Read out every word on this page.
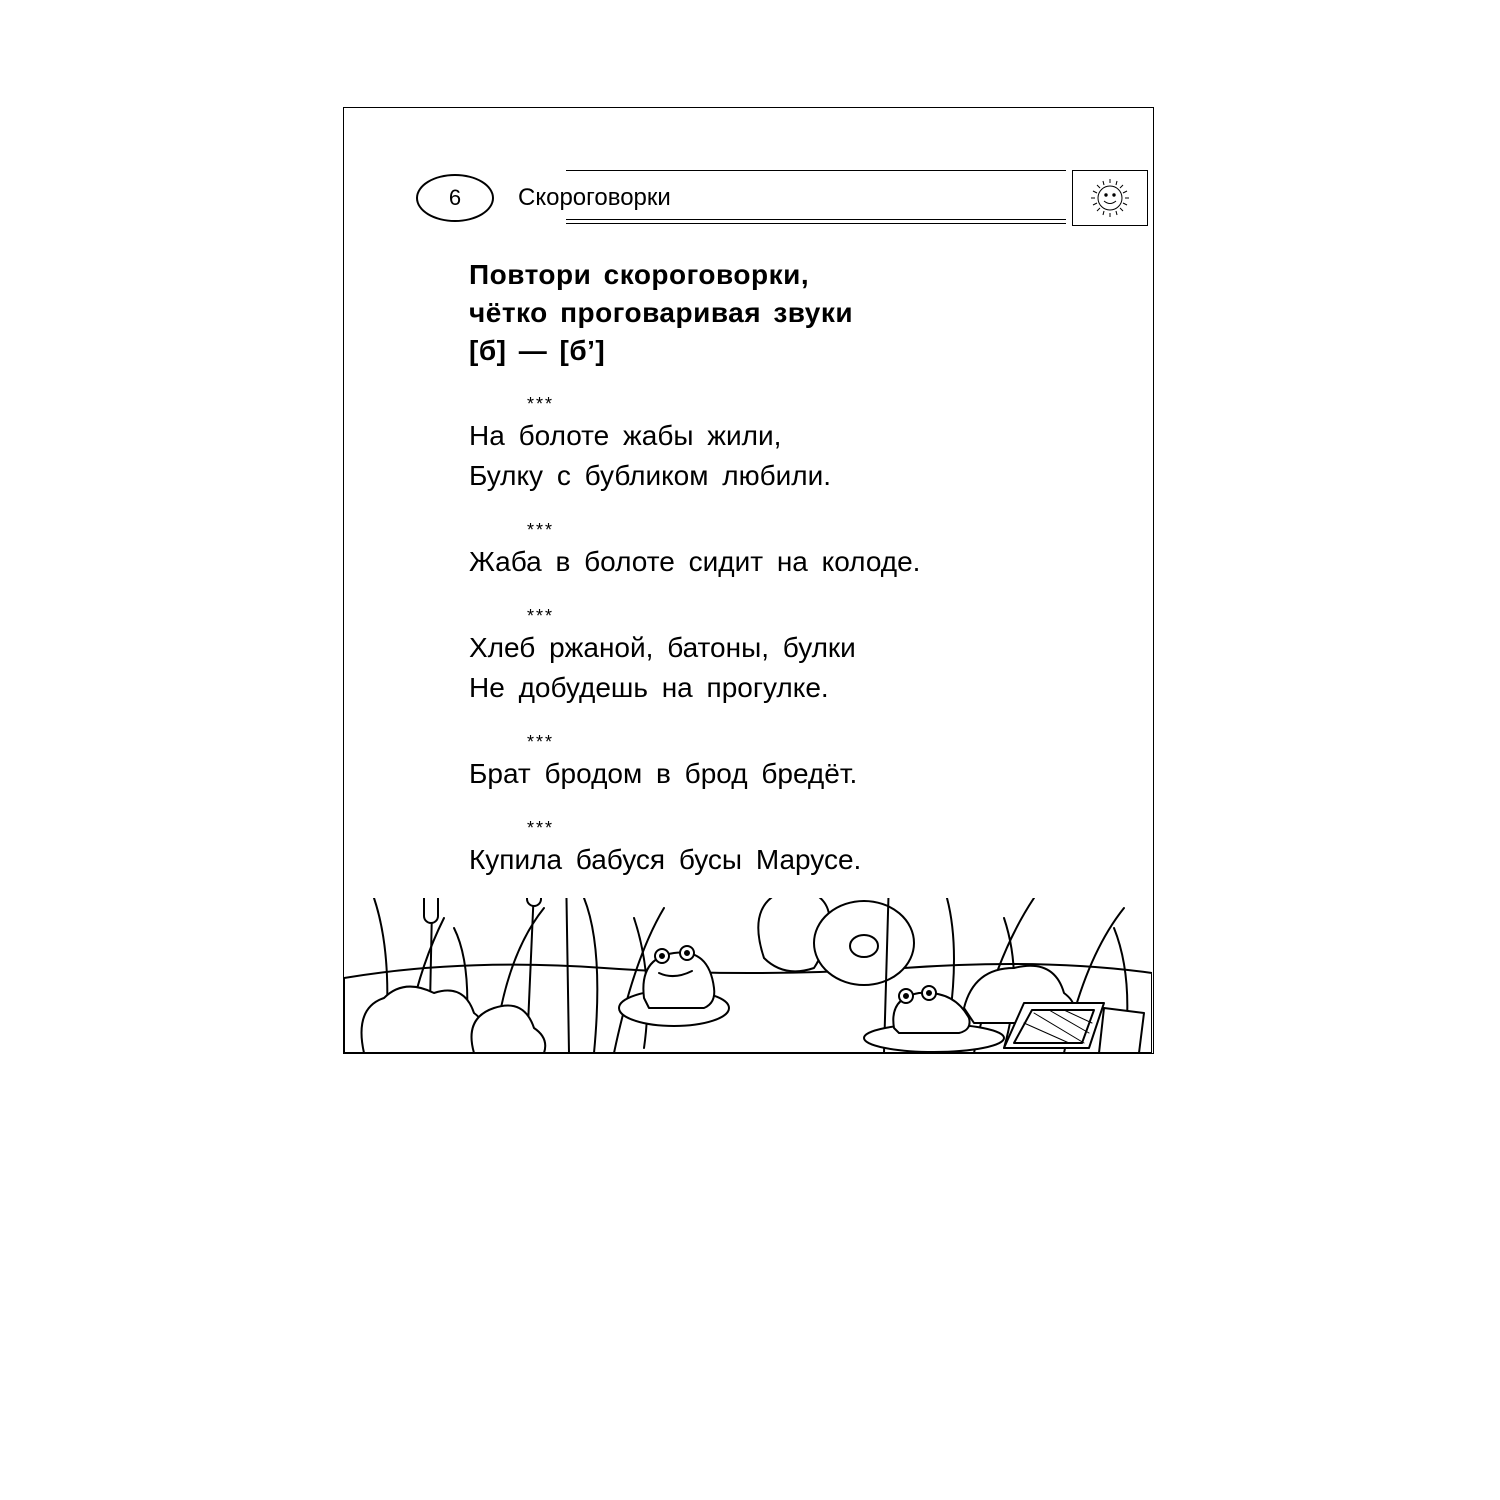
6 Скороговорки
Повтори скороговорки,
чётко проговаривая звуки
[б] — [б’]
***
На болоте жабы жили,
Булку с бубликом любили.
***
Жаба в болоте сидит на колоде.
***
Хлеб ржаной, батоны, булки
Не добудешь на прогулке.
***
Брат бродом в брод бредёт.
***
Купила бабуся бусы Марусе.
